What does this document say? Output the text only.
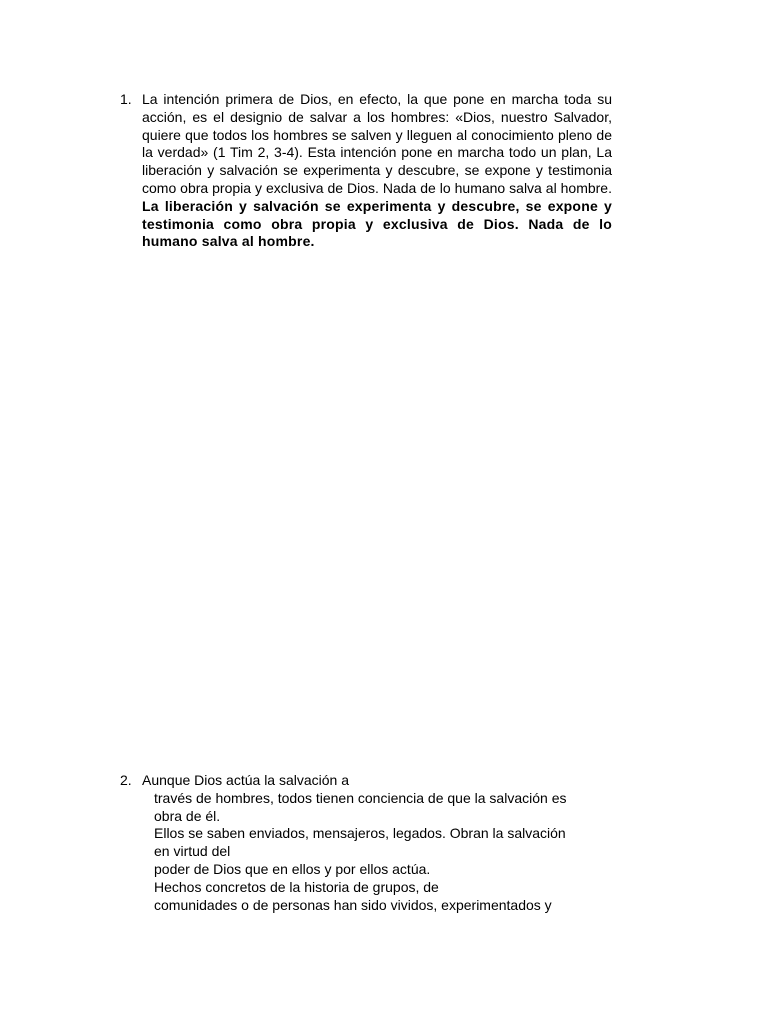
1. La intención primera de Dios, en efecto, la que pone en marcha toda su acción, es el designio de salvar a los hombres: «Dios, nuestro Salvador, quiere que todos los hombres se salven y lleguen al conocimiento pleno de la verdad» (1 Tim 2, 3-4). Esta intención pone en marcha todo un plan, La liberación y salvación se experimenta y descubre, se expone y testimonia como obra propia y exclusiva de Dios. Nada de lo humano salva al hombre. La liberación y salvación se experimenta y descubre, se expone y testimonia como obra propia y exclusiva de Dios. Nada de lo humano salva al hombre.
2. Aunque Dios actúa la salvación a
través de hombres, todos tienen conciencia de que la salvación es
obra de él.
Ellos se saben enviados, mensajeros, legados. Obran la salvación
en virtud del
poder de Dios que en ellos y por ellos actúa.
Hechos concretos de la historia de grupos, de
comunidades o de personas han sido vividos, experimentados y
